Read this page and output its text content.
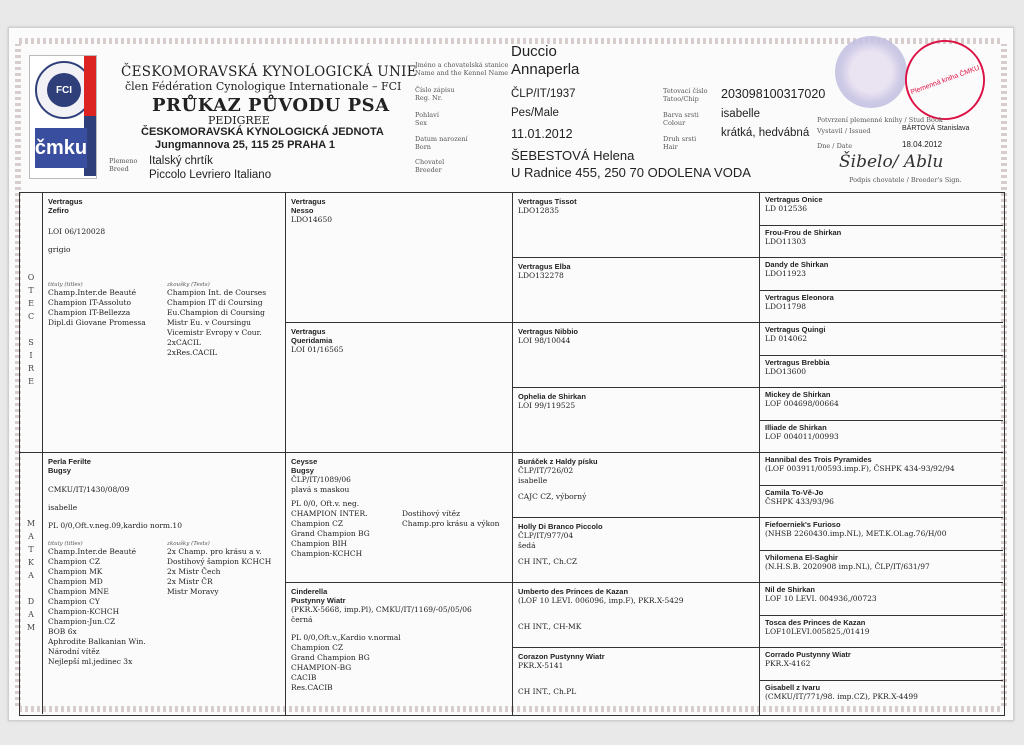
FCI
čmku
ČESKOMORAVSKÁ KYNOLOGICKÁ UNIE
člen Fédération Cynologique Internationale – FCI
PRŮKAZ PŮVODU PSA
PEDIGREE
ČESKOMORAVSKÁ KYNOLOGICKÁ JEDNOTA
Jungmannova 25, 115 25 PRAHA 1
Plemeno
Breed
Italský chrtík
Piccolo Levriero Italiano
Jméno a chovatelská stanice
Name and the Kennel Name
Číslo zápisu
Reg. Nr.
Pohlaví
Sex
Datum narození
Born
Chovatel
Breeder
Duccio
Annaperla
ČLP/IT/1937
Pes/Male
11.01.2012
ŠEBESTOVÁ Helena
U Radnice 455, 250 70 ODOLENA VODA
Tetovací číslo
Tatoo/Chip
Barva srsti
Colour
Druh srsti
Hair
203098100317020
isabelle
krátká, hedvábná
Plemenná kniha ČMKU
Potvrzení plemenné knihy / Stud Book
Vystavil / Issued	BÁRTOVÁ Stanislava
Dne / Date	18.04.2012
Šibelo/ Ablu
Podpis chovatele / Breeder's Sign.
O
T
E
C

S
I
R
E
M
A
T
K
A

D
A
M
Vertragus
Zefiro
LOI 06/120028
grigio
tituly (titles)
Champ.Inter.de Beauté
Champion IT-Assoluto
Champion IT-Bellezza
Dipl.di Giovane Promessa
zkoušky (Tests)
Champion Int. de Courses
Champion IT di Coursing
Eu.Champion di Coursing
Mistr Eu. v Coursingu
Vicemistr Evropy v Cour.
2xCACIL
2xRes.CACIL
Perla Ferilte
Bugsy
CMKU/IT/1430/08/09
isabelle
PL 0/0,Oft.v.neg.09,kardio norm.10
tituly (titles)
Champ.Inter.de Beauté
Champion CZ
Champion MK
Champion MD
Champion MNE
Champion CY
Champion-KCHCH
Champion-Jun.CZ
BOB 6x
Aphrodite Balkanian Win.
Národní vítěz
Nejlepší ml.jedinec 3x
zkoušky (Tests)
2x Champ. pro krásu a v.
Dostihový šampion KCHCH
2x Mistr Čech
2x Mistr ČR
Mistr Moravy
Vertragus
Nesso
LDO14650
Vertragus
Queridamia
LOI 01/16565
Ceysse
Bugsy
ČLP/IT/1089/06
plavá s maskou
PL 0/0, Oft.v. neg.
CHAMPION INTER.
Champion CZ
Grand Champion BG
Champion BIH
Champion-KCHCH
Dostihový vítěz
Champ.pro krásu a výkon
Cinderella
Pustynny Wiatr
(PKR.X-5668, imp.Pl), CMKU/IT/1169/-05/05/06
černá
PL 0/0,Oft.v.,Kardio v.normal
Champion CZ
Grand Champion BG
CHAMPION-BG
CACIB
Res.CACIB
Vertragus Tissot
LDO12835
Vertragus Elba
LDO132278
Vertragus Nibbio
LOI 98/10044
Ophelia de Shirkan
LOI 99/119525
Buráček z Haldy písku
ČLP/IT/726/02
isabelle
CAJC CZ, výborný
Holly Di Branco Piccolo
ČLP/IT/977/04
šedá
CH INT., Ch.CZ
Umberto des Princes de Kazan
(LOF 10 LEVI. 006096, imp.F), PKR.X-5429
CH INT., CH-MK
Corazon Pustynny Wiatr
PKR.X-5141
CH INT., Ch.PL
Vertragus Onice
LD 012536
Frou-Frou de Shirkan
LDO11303
Dandy de Shirkan
LDO11923
Vertragus Eleonora
LDO11798
Vertragus Quingi
LD 014062
Vertragus Brebbia
LDO13600
Mickey de Shirkan
LOF 004698/00664
Illiade de Shirkan
LOF 004011/00993
Hannibal des Trois Pyramides
(LOF 003911/00593.imp.F), ČSHPK 434-93/92/94
Camila To-Vě-Jo
ČSHPK 433/93/96
Fiefoerniek's Furioso
(NHSB 2260430.imp.NL), MET.K.Ol.ag.76/H/00
Vhilomena El-Saghir
(N.H.S.B. 2020908 imp.NL), ČLP/IT/631/97
Nil de Shirkan
LOF 10 LEVI. 004936,/00723
Tosca des Princes de Kazan
LOF10LEVI.005825,/01419
Corrado Pustynny Wiatr
PKR.X-4162
Gisabell z Ivaru
(CMKU/IT/771/98. imp.CZ), PKR.X-4499
